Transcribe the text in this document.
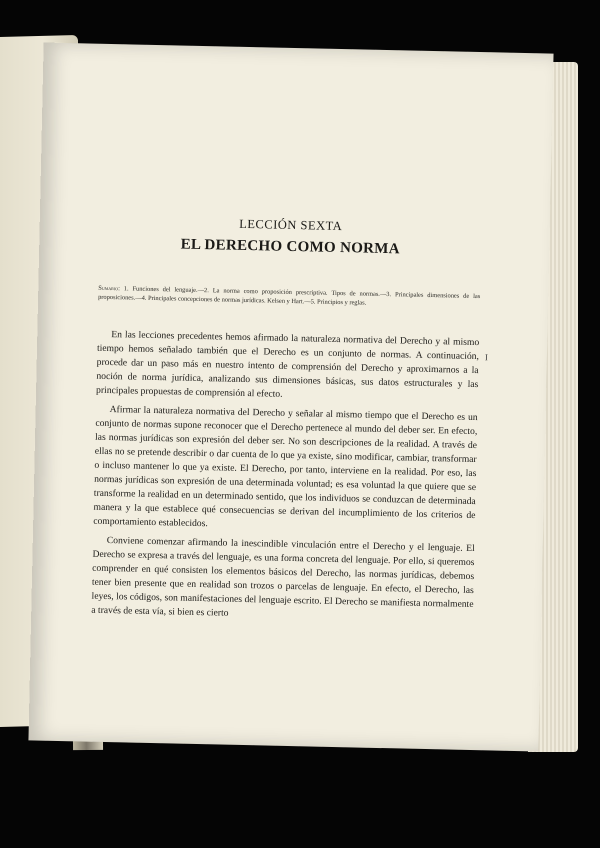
LECCIÓN SEXTA

EL DERECHO COMO NORMA

Sumario: 1. Funciones del lenguaje.—2. La norma como proposición prescriptiva. Tipos de normas.—3. Principales dimensiones de las proposiciones.—4. Principales concepciones de normas jurídicas. Kelsen y Hart.—5. Principios y reglas.

En las lecciones precedentes hemos afirmado la naturaleza normativa del Derecho y al mismo tiempo hemos señalado también que el Derecho es un conjunto de normas. A continuación, procede dar un paso más en nuestro intento de comprensión del Derecho y aproximarnos a la noción de norma jurídica, analizando sus dimensiones básicas, sus datos estructurales y las principales propuestas de comprensión al efecto.

Afirmar la naturaleza normativa del Derecho y señalar al mismo tiempo que el Derecho es un conjunto de normas supone reconocer que el Derecho pertenece al mundo del deber ser. En efecto, las normas jurídicas son expresión del deber ser. No son descripciones de la realidad. A través de ellas no se pretende describir o dar cuenta de lo que ya existe, sino modificar, cambiar, transformar o incluso mantener lo que ya existe. El Derecho, por tanto, interviene en la realidad. Por eso, las normas jurídicas son expresión de una determinada voluntad; es esa voluntad la que quiere que se transforme la realidad en un determinado sentido, que los individuos se conduzcan de determinada manera y la que establece qué consecuencias se derivan del incumplimiento de los criterios de comportamiento establecidos.

Conviene comenzar afirmando la inescindible vinculación entre el Derecho y el lenguaje. El Derecho se expresa a través del lenguaje, es una forma concreta del lenguaje. Por ello, si queremos comprender en qué consisten los elementos básicos del Derecho, las normas jurídicas, debemos tener bien presente que en realidad son trozos o parcelas de lenguaje. En efecto, el Derecho, las leyes, los códigos, son manifestaciones del lenguaje escrito. El Derecho se manifiesta normalmente a través de esta vía, si bien es cierto

I
